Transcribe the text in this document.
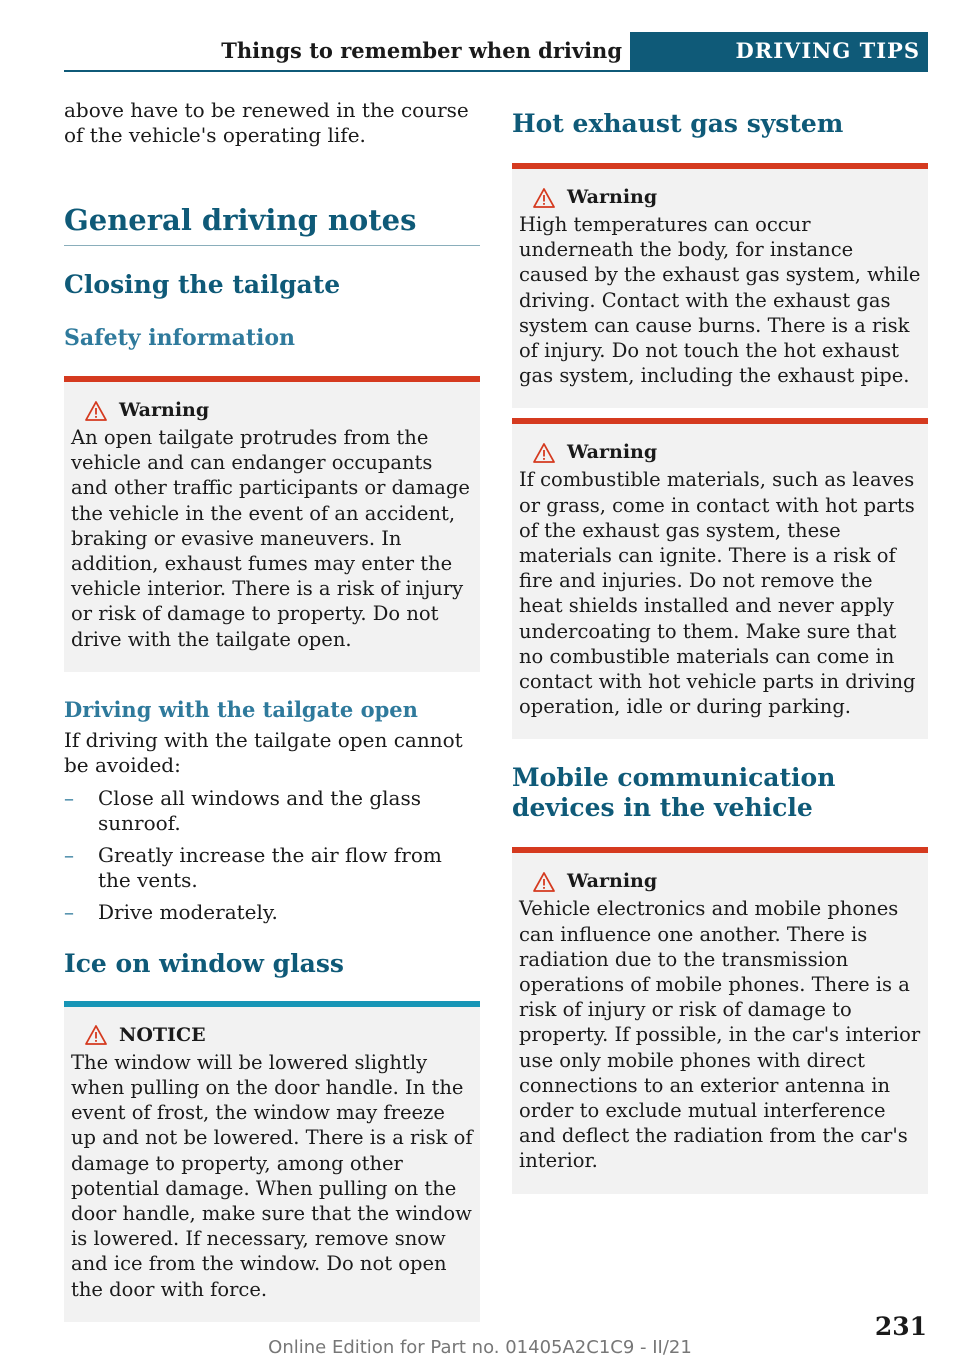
Things to remember when driving	DRIVING TIPS

above have to be renewed in the course of the vehicle's operating life.

General driving notes
Closing the tailgate
Safety information
Warning

An open tailgate protrudes from the vehicle and can endanger occupants and other traffic participants or damage the vehicle in the event of an accident, braking or evasive maneuvers. In addition, exhaust fumes may enter the vehicle interior. There is a risk of injury or risk of damage to property. Do not drive with the tailgate open.

Driving with the tailgate open

If driving with the tailgate open cannot be avoided:

– Close all windows and the glass sunroof.
– Greatly increase the air flow from the vents.
– Drive moderately.
Ice on window glass
NOTICE

The window will be lowered slightly when pulling on the door handle. In the event of frost, the window may freeze up and not be lowered. There is a risk of damage to property, among other potential damage. When pulling on the door handle, make sure that the window is lowered. If necessary, remove snow and ice from the window. Do not open the door with force.

Hot exhaust gas system
Warning

High temperatures can occur underneath the body, for instance caused by the exhaust gas system, while driving. Contact with the exhaust gas system can cause burns. There is a risk of injury. Do not touch the hot exhaust gas system, including the exhaust pipe.

Warning

If combustible materials, such as leaves or grass, come in contact with hot parts of the exhaust gas system, these materials can ignite. There is a risk of fire and injuries. Do not remove the heat shields installed and never apply undercoating to them. Make sure that no combustible materials can come in contact with hot vehicle parts in driving operation, idle or during parking.

Mobile communication devices in the vehicle
Warning

Vehicle electronics and mobile phones can influence one another. There is radiation due to the transmission operations of mobile phones. There is a risk of injury or risk of damage to property. If possible, in the car's interior use only mobile phones with direct connections to an exterior antenna in order to exclude mutual interference and deflect the radiation from the car's interior.

231
Online Edition for Part no. 01405A2C1C9 - II/21
